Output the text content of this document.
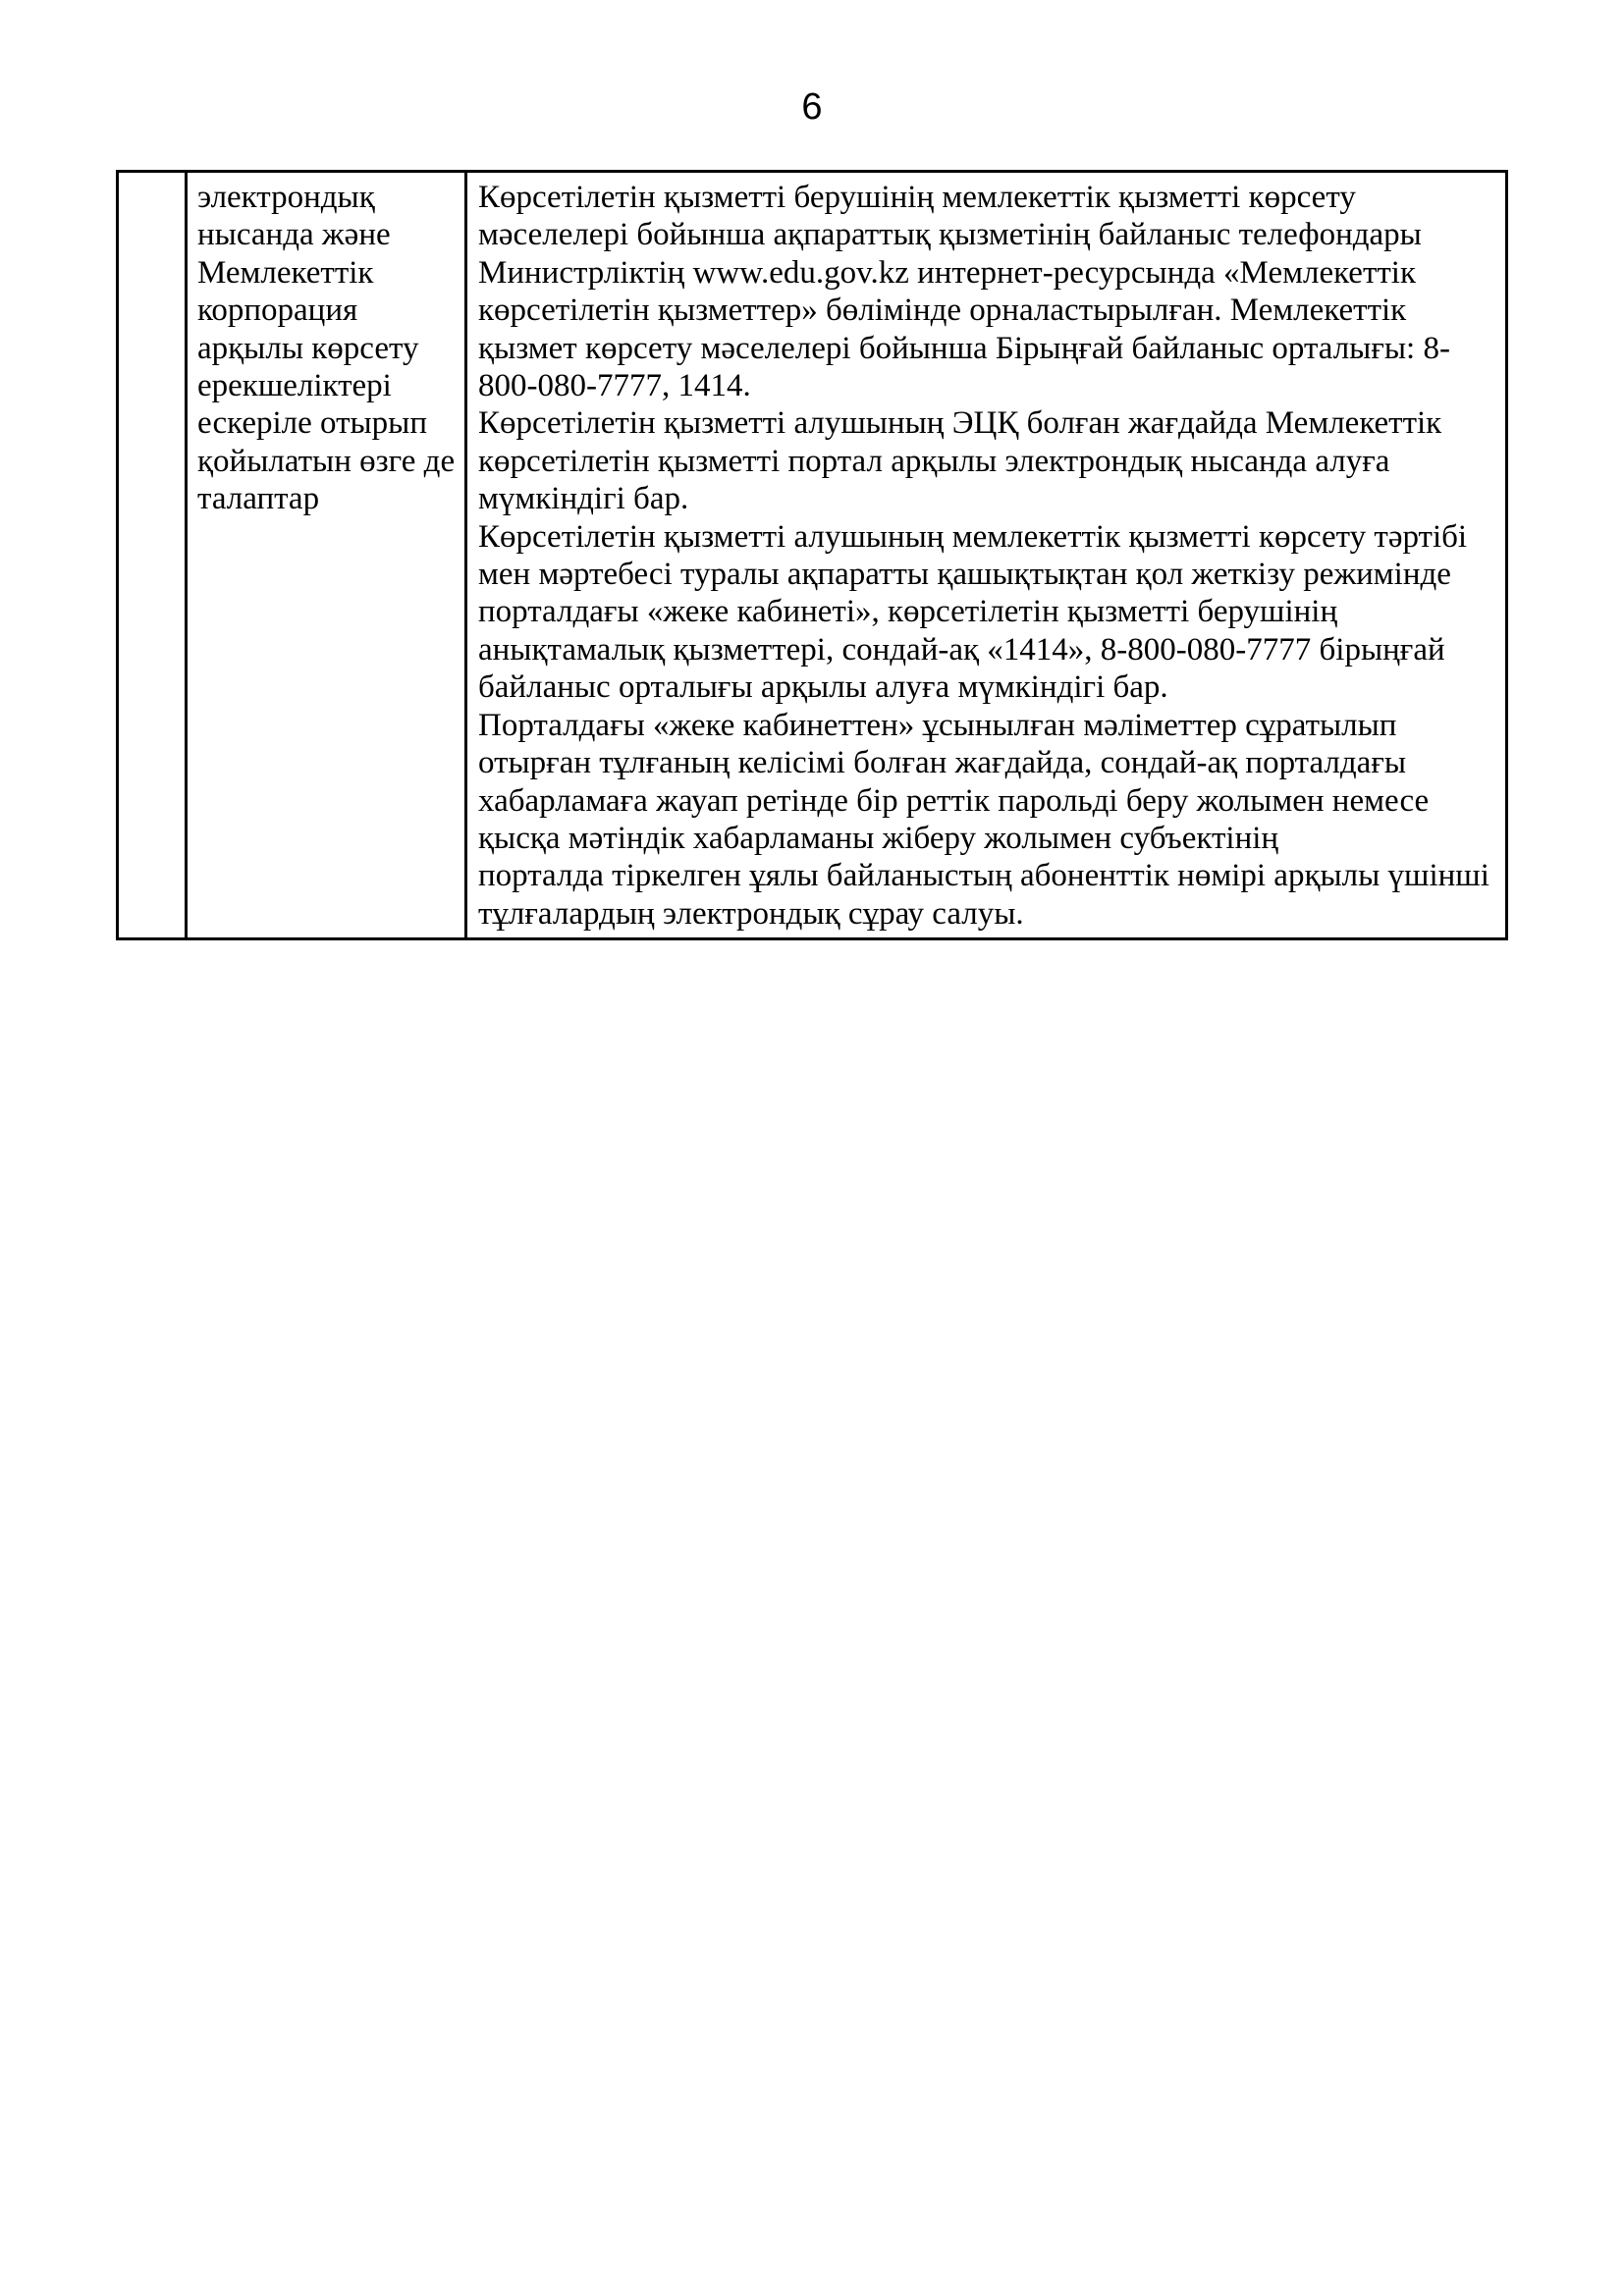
6
электрондық
нысанда және
Мемлекеттік
корпорация
арқылы көрсету
ерекшеліктері
ескеріле отырып
қойылатын өзге де
талаптар
Көрсетілетін қызметті берушінің мемлекеттік қызметті көрсету
мәселелері бойынша ақпараттық қызметінің байланыс телефондары
Министрліктің www.edu.gov.kz интернет-ресурсында «Мемлекеттік
көрсетілетін қызметтер» бөлімінде орналастырылған. Мемлекеттік
қызмет көрсету мәселелері бойынша Бірыңғай байланыс орталығы: 8-
800-080-7777, 1414.
Көрсетілетін қызметті алушының ЭЦҚ болған жағдайда Мемлекеттік
көрсетілетін қызметті портал арқылы электрондық нысанда алуға
мүмкіндігі бар.
Көрсетілетін қызметті алушының мемлекеттік қызметті көрсету тәртібі
мен мәртебесі туралы ақпаратты қашықтықтан қол жеткізу режимінде
порталдағы «жеке кабинеті», көрсетілетін қызметті берушінің
анықтамалық қызметтері, сондай-ақ «1414», 8-800-080-7777 бірыңғай
байланыс орталығы арқылы алуға мүмкіндігі бар.
Порталдағы «жеке кабинеттен» ұсынылған мәліметтер сұратылып
отырған тұлғаның келісімі болған жағдайда, сондай-ақ порталдағы
хабарламаға жауап ретінде бір реттік парольді беру жолымен немесе
қысқа мәтіндік хабарламаны жіберу жолымен субъектінің
порталда тіркелген ұялы байланыстың абоненттік нөмірі арқылы үшінші
тұлғалардың электрондық сұрау салуы.
